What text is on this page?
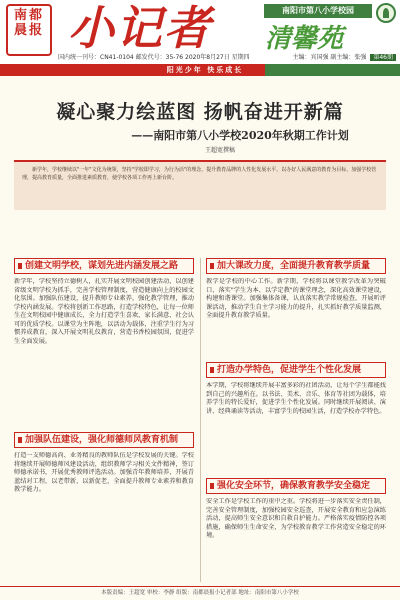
南都晨报 小记者	南阳市第八小学校园
清馨苑
国内统一刊号：CN41-0104 邮发代号：35-76 2020年8月27日 星期四	主编：宾国强 副主编：张强 第46期
阳光少年 快乐成长
凝心聚力绘蓝图 扬帆奋进开新篇
——南阳市第八小学校2020年秋期工作计划
王超宽撰稿

新学年，学校继续以"一年"文化为统领，坚持"学校即学习，为行为活"的理念，提升教育品牌的人性化发展水平，以办好人民满意的教育为目标，加强学校管理，提高教育质量，全面推进素质教育，使学校各项工作再上新台阶。

创建文明学校，谋划先进内涵发展之路
新学年，学校坚持立德树人，扎实开展文明校园创建活动，以创建省级文明学校为抓手，完善学校管理制度，营造健康向上的校园文化氛围。加强队伍建设，提升教师专业素养，强化教学管理，推动学校内涵发展。学校将创新工作思路，打造学校特色，让每一位师生在文明校园中健康成长，全力打造学生喜欢、家长满意、社会认可的优质学校。以课堂为主阵地，以活动为载体，注重学生行为习惯养成教育，深入开展文明礼仪教育，营造书香校园氛围，促进学生全面发展。
加强队伍建设，强化师德师风教育机制
打造一支师德高尚、业务精良的教师队伍是学校发展的关键。学校将继续开展师德师风建设活动，组织教师学习相关文件精神，签订师德承诺书，开展优秀教师评选活动。加强青年教师培养，开展青蓝结对工程，以老带新，以新促老，全面提升教师专业素养和教育教学能力。
加大课改力度，全面提升教育教学质量
教学是学校的中心工作。新学期，学校将以课堂教学改革为突破口，落实"学生为本、以学定教"的课堂理念，深化高效课堂建设，构建和谐课堂。加强集体备课，认真落实教学常规检查，开展听评课活动，推动学生自主学习能力的提升，扎实抓好教学质量监测，全面提升教育教学质量。
打造办学特色，促进学生个性化发展
本学期，学校将继续开展丰富多彩的社团活动，让每个学生都能找到自己的兴趣所在。以书法、美术、音乐、体育等社团为载体，培养学生的特长爱好，促进学生个性化发展。同时继续开展阅读、演讲、经典诵读等活动，丰富学生的校园生活，打造学校办学特色。
强化安全环节，确保教育教学安全稳定
安全工作是学校工作的重中之重。学校将进一步落实安全责任制，完善安全管理制度，加强校园安全巡查，开展安全教育和应急演练活动，提高师生安全意识和自救自护能力。严格落实疫情防控各项措施，确保师生生命安全，为学校教育教学工作营造安全稳定的环境。
本版责编：王超宽 审校：李静 组版：南都晨报小记者部 地址：南阳市第八小学校
